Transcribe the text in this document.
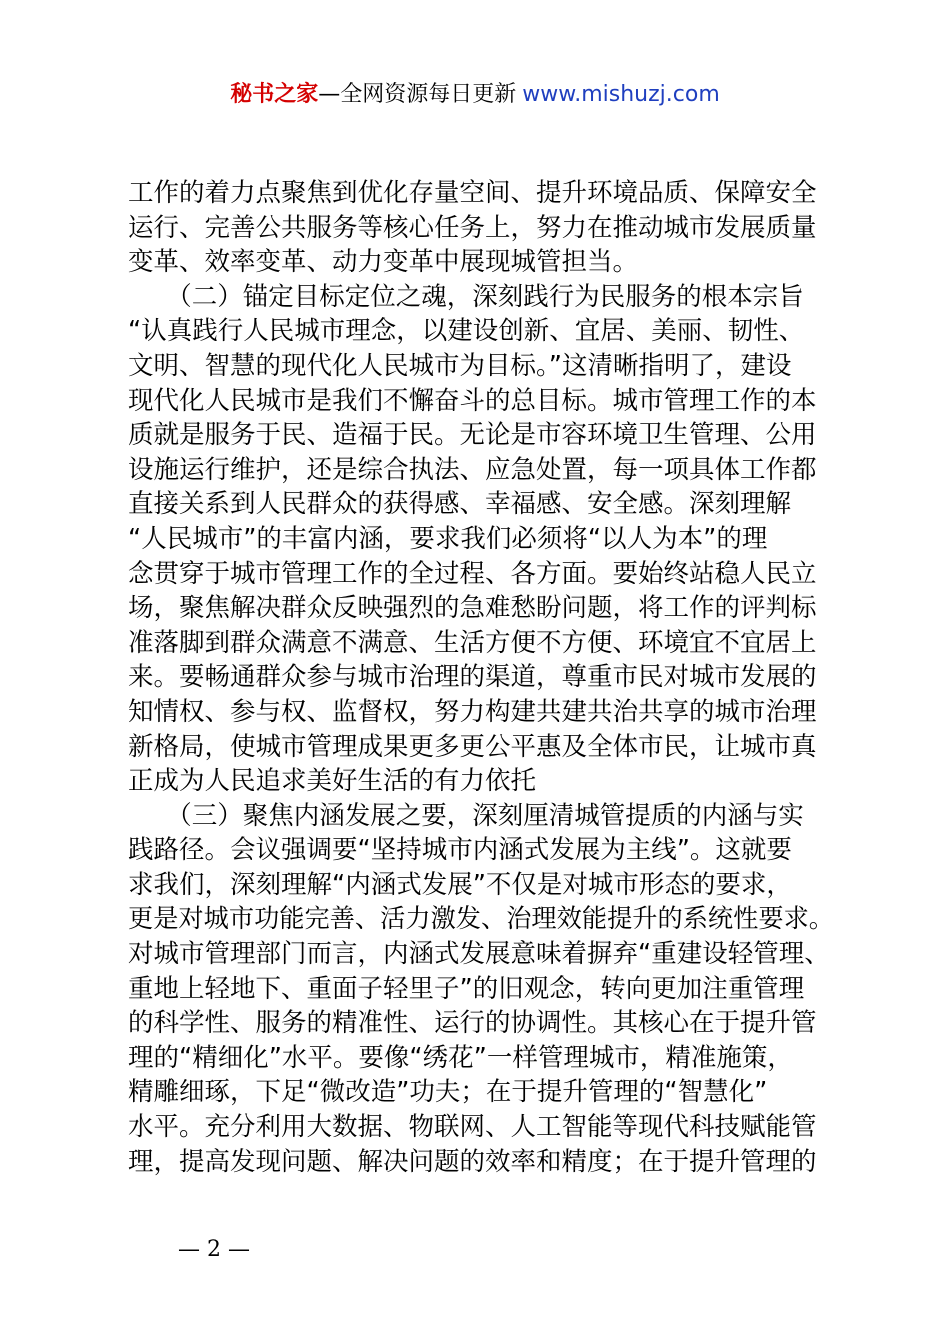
秘书之家—全网资源每日更新 www.mishuzj.com
工作的着力点聚焦到优化存量空间、提升环境品质、保障安全
运行、完善公共服务等核心任务上，努力在推动城市发展质量
变革、效率变革、动力变革中展现城管担当。
　　（二）锚定目标定位之魂，深刻践行为民服务的根本宗旨
“认真践行人民城市理念，以建设创新、宜居、美丽、韧性、
文明、智慧的现代化人民城市为目标。”这清晰指明了，建设
现代化人民城市是我们不懈奋斗的总目标。城市管理工作的本
质就是服务于民、造福于民。无论是市容环境卫生管理、公用
设施运行维护，还是综合执法、应急处置，每一项具体工作都
直接关系到人民群众的获得感、幸福感、安全感。深刻理解
“人民城市”的丰富内涵，要求我们必须将“以人为本”的理
念贯穿于城市管理工作的全过程、各方面。要始终站稳人民立
场，聚焦解决群众反映强烈的急难愁盼问题，将工作的评判标
准落脚到群众满意不满意、生活方便不方便、环境宜不宜居上
来。要畅通群众参与城市治理的渠道，尊重市民对城市发展的
知情权、参与权、监督权，努力构建共建共治共享的城市治理
新格局，使城市管理成果更多更公平惠及全体市民，让城市真
正成为人民追求美好生活的有力依托
　　（三）聚焦内涵发展之要，深刻厘清城管提质的内涵与实
践路径。会议强调要“坚持城市内涵式发展为主线”。这就要
求我们，深刻理解“内涵式发展”不仅是对城市形态的要求，
更是对城市功能完善、活力激发、治理效能提升的系统性要求。
对城市管理部门而言，内涵式发展意味着摒弃“重建设轻管理、
重地上轻地下、重面子轻里子”的旧观念，转向更加注重管理
的科学性、服务的精准性、运行的协调性。其核心在于提升管
理的“精细化”水平。要像“绣花”一样管理城市，精准施策，
精雕细琢，下足“微改造”功夫；在于提升管理的“智慧化”
水平。充分利用大数据、物联网、人工智能等现代科技赋能管
理，提高发现问题、解决问题的效率和精度；在于提升管理的
— 2 —
